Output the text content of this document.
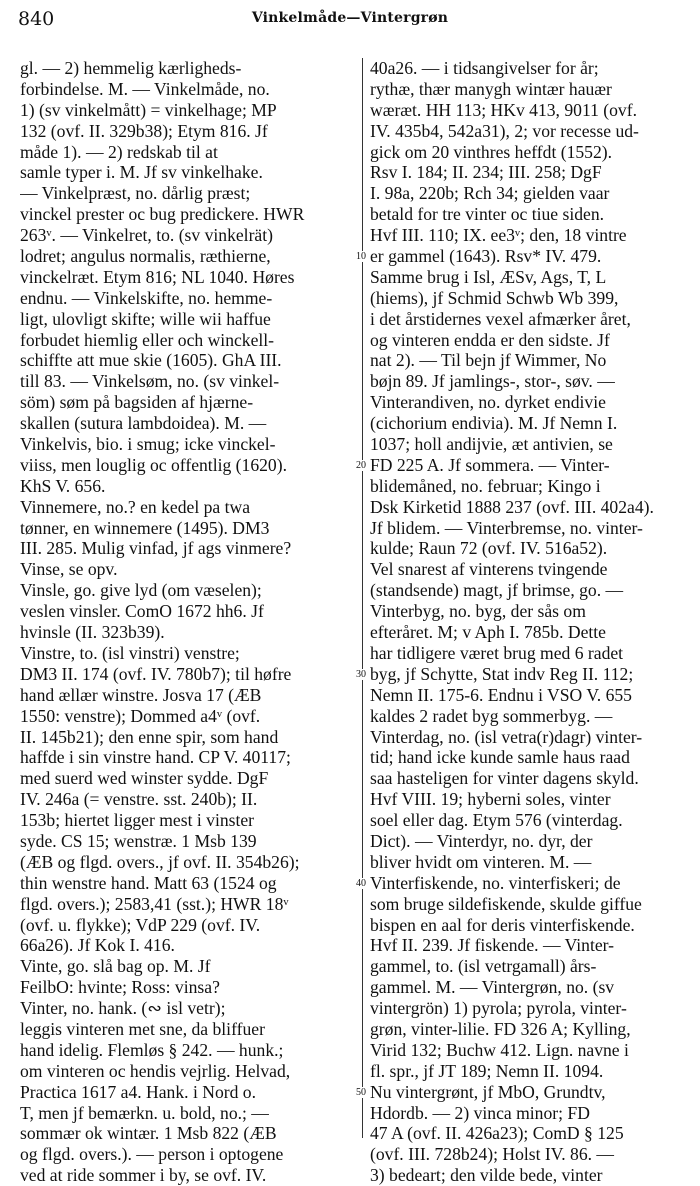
840	Vinkelmåde—Vintergrøn
gl. — 2) hemmelig kærligheds-
forbindelse. M. — Vinkelmåde, no.
1) (sv vinkelmått) = vinkelhage; MP
132 (ovf. II. 329b38); Etym 816. Jf
måde 1). — 2) redskab til at
samle typer i. M. Jf sv vinkelhake.
— Vinkelpræst, no. dårlig præst;
vinckel prester oc bug predickere. HWR
263ᵛ. — Vinkelret, to. (sv vinkelrät)
lodret; angulus normalis, ræthierne,
vinckelræt. Etym 816; NL 1040. Høres
endnu. — Vinkelskifte, no. hemme-
ligt, ulovligt skifte; wille wii haffue
forbudet hiemlig eller och winckell-
schiffte att mue skie (1605). GhA III.
till 83. — Vinkelsøm, no. (sv vinkel-
söm) søm på bagsiden af hjærne-
skallen (sutura lambdoidea). M. —
Vinkelvis, bio. i smug; icke vinckel-
viiss, men louglig oc offentlig (1620).
KhS V. 656.
Vinnemere, no.? en kedel pa twa
tønner, en winnemere (1495). DM3
III. 285. Mulig vinfad, jf ags vinmere?
Vinse, se opv.
Vinsle, go. give lyd (om væselen);
veslen vinsler. ComO 1672 hh6. Jf
hvinsle (II. 323b39).
Vinstre, to. (isl vinstri) venstre;
DM3 II. 174 (ovf. IV. 780b7); til høfre
hand ællær winstre. Josva 17 (ÆB
1550: venstre); Dommed a4ᵛ (ovf.
II. 145b21); den enne spir, som hand
haffde i sin vinstre hand. CP V. 40117;
med suerd wed winster sydde. DgF
IV. 246a (= venstre. sst. 240b); II.
153b; hiertet ligger mest i vinster
syde. CS 15; wenstræ. 1 Msb 139
(ÆB og flgd. overs., jf ovf. II. 354b26);
thin wenstre hand. Matt 63 (1524 og
flgd. overs.); 2583,41 (sst.); HWR 18ᵛ
(ovf. u. flykke); VdP 229 (ovf. IV.
66a26). Jf Kok I. 416.
Vinte, go. slå bag op. M. Jf
FeilbO: hvinte; Ross: vinsa?
Vinter, no. hank. (∾ isl vetr);
leggis vinteren met sne, da bliffuer
hand idelig. Flemløs § 242. — hunk.;
om vinteren oc hendis vejrlig. Helvad,
Practica 1617 a4. Hank. i Nord o.
T, men jf bemærkn. u. bold, no.; —
sommær ok wintær. 1 Msb 822 (ÆB
og flgd. overs.). — person i optogene
ved at ride sommer i by, se ovf. IV.
10
20
30
40
50
40a26. — i tidsangivelser for år;
rythæ, thær manygh wintær hauær
wæræt. HH 113; HKv 413, 9011 (ovf.
IV. 435b4, 542a31), 2; vor recesse ud-
gick om 20 vinthres heffdt (1552).
Rsv I. 184; II. 234; III. 258; DgF
I. 98a, 220b; Rch 34; gielden vaar
betald for tre vinter oc tiue siden.
Hvf III. 110; IX. ee3ᵛ; den, 18 vintre
er gammel (1643). Rsv* IV. 479.
Samme brug i Isl, ÆSv, Ags, T, L
(hiems), jf Schmid Schwb Wb 399,
i det årstidernes vexel afmærker året,
og vinteren endda er den sidste. Jf
nat 2). — Til bejn jf Wimmer, No
bøjn 89. Jf jamlings-, stor-, søv. —
Vinterandiven, no. dyrket endivie
(cichorium endivia). M. Jf Nemn I.
1037; holl andijvie, æt antivien, se
FD 225 A. Jf sommera. — Vinter-
blidemåned, no. februar; Kingo i
Dsk Kirketid 1888 237 (ovf. III. 402a4).
Jf blidem. — Vinterbremse, no. vinter-
kulde; Raun 72 (ovf. IV. 516a52).
Vel snarest af vinterens tvingende
(standsende) magt, jf brimse, go. —
Vinterbyg, no. byg, der sås om
efteråret. M; v Aph I. 785b. Dette
har tidligere været brug med 6 radet
byg, jf Schytte, Stat indv Reg II. 112;
Nemn II. 175-6. Endnu i VSO V. 655
kaldes 2 radet byg sommerbyg. —
Vinterdag, no. (isl vetra(r)dagr) vinter-
tid; hand icke kunde samle haus raad
saa hasteligen for vinter dagens skyld.
Hvf VIII. 19; hyberni soles, vinter
soel eller dag. Etym 576 (vinterdag.
Dict). — Vinterdyr, no. dyr, der
bliver hvidt om vinteren. M. —
Vinterfiskende, no. vinterfiskeri; de
som bruge sildefiskende, skulde giffue
bispen en aal for deris vinterfiskende.
Hvf II. 239. Jf fiskende. — Vinter-
gammel, to. (isl vetrgamall) års-
gammel. M. — Vintergrøn, no. (sv
vintergrön) 1) pyrola; pyrola, vinter-
grøn, vinter-lilie. FD 326 A; Kylling,
Virid 132; Buchw 412. Lign. navne i
fl. spr., jf JT 189; Nemn II. 1094.
Nu vintergrønt, jf MbO, Grundtv,
Hdordb. — 2) vinca minor; FD
47 A (ovf. II. 426a23); ComD § 125
(ovf. III. 728b24); Holst IV. 86. —
3) bedeart; den vilde bede, vinter
